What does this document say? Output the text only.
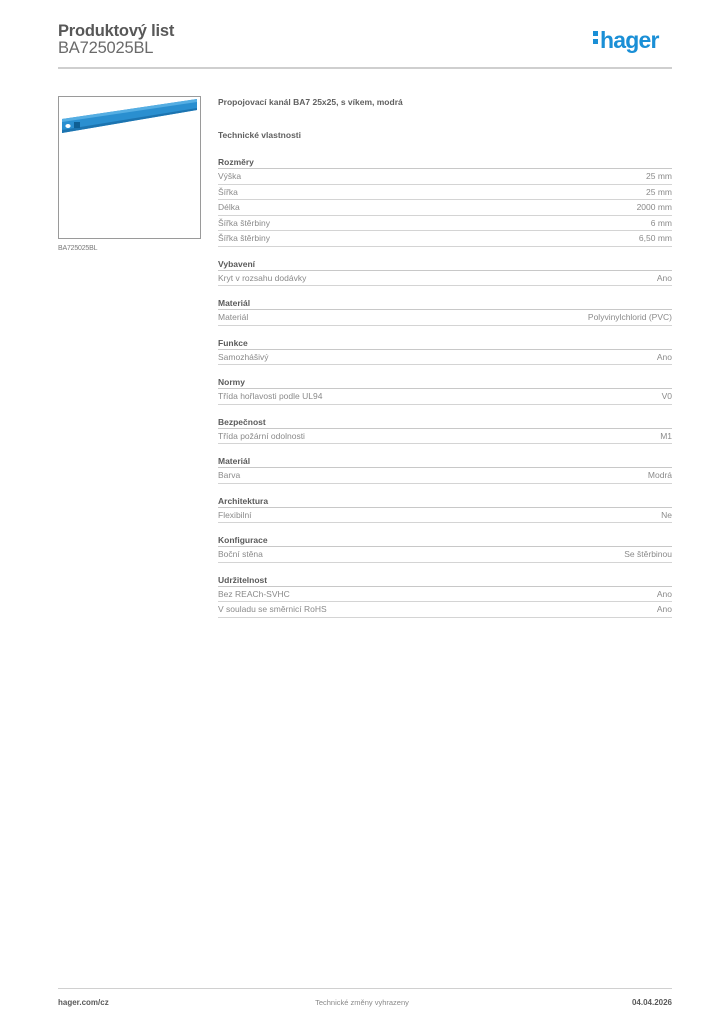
Produktový list
BA725025BL	hager
BA725025BL
Propojovací kanál BA7 25x25, s víkem, modrá
Technické vlastnosti
Rozměry
Výška	25 mm
Šířka	25 mm
Délka	2000 mm
Šířka štěrbiny	6 mm
Šířka štěrbiny	6,50 mm
Vybavení
Kryt v rozsahu dodávky	Ano
Materiál
Materiál	Polyvinylchlorid (PVC)
Funkce
Samozhášivý	Ano
Normy
Třída hořlavosti podle UL94	V0
Bezpečnost
Třída požární odolnosti	M1
Materiál
Barva	Modrá
Architektura
Flexibilní	Ne
Konfigurace
Boční stěna	Se štěrbinou
Udržitelnost
Bez REACh-SVHC	Ano
V souladu se směrnicí RoHS	Ano
hager.com/cz	Technické změny vyhrazeny	04.04.2026
